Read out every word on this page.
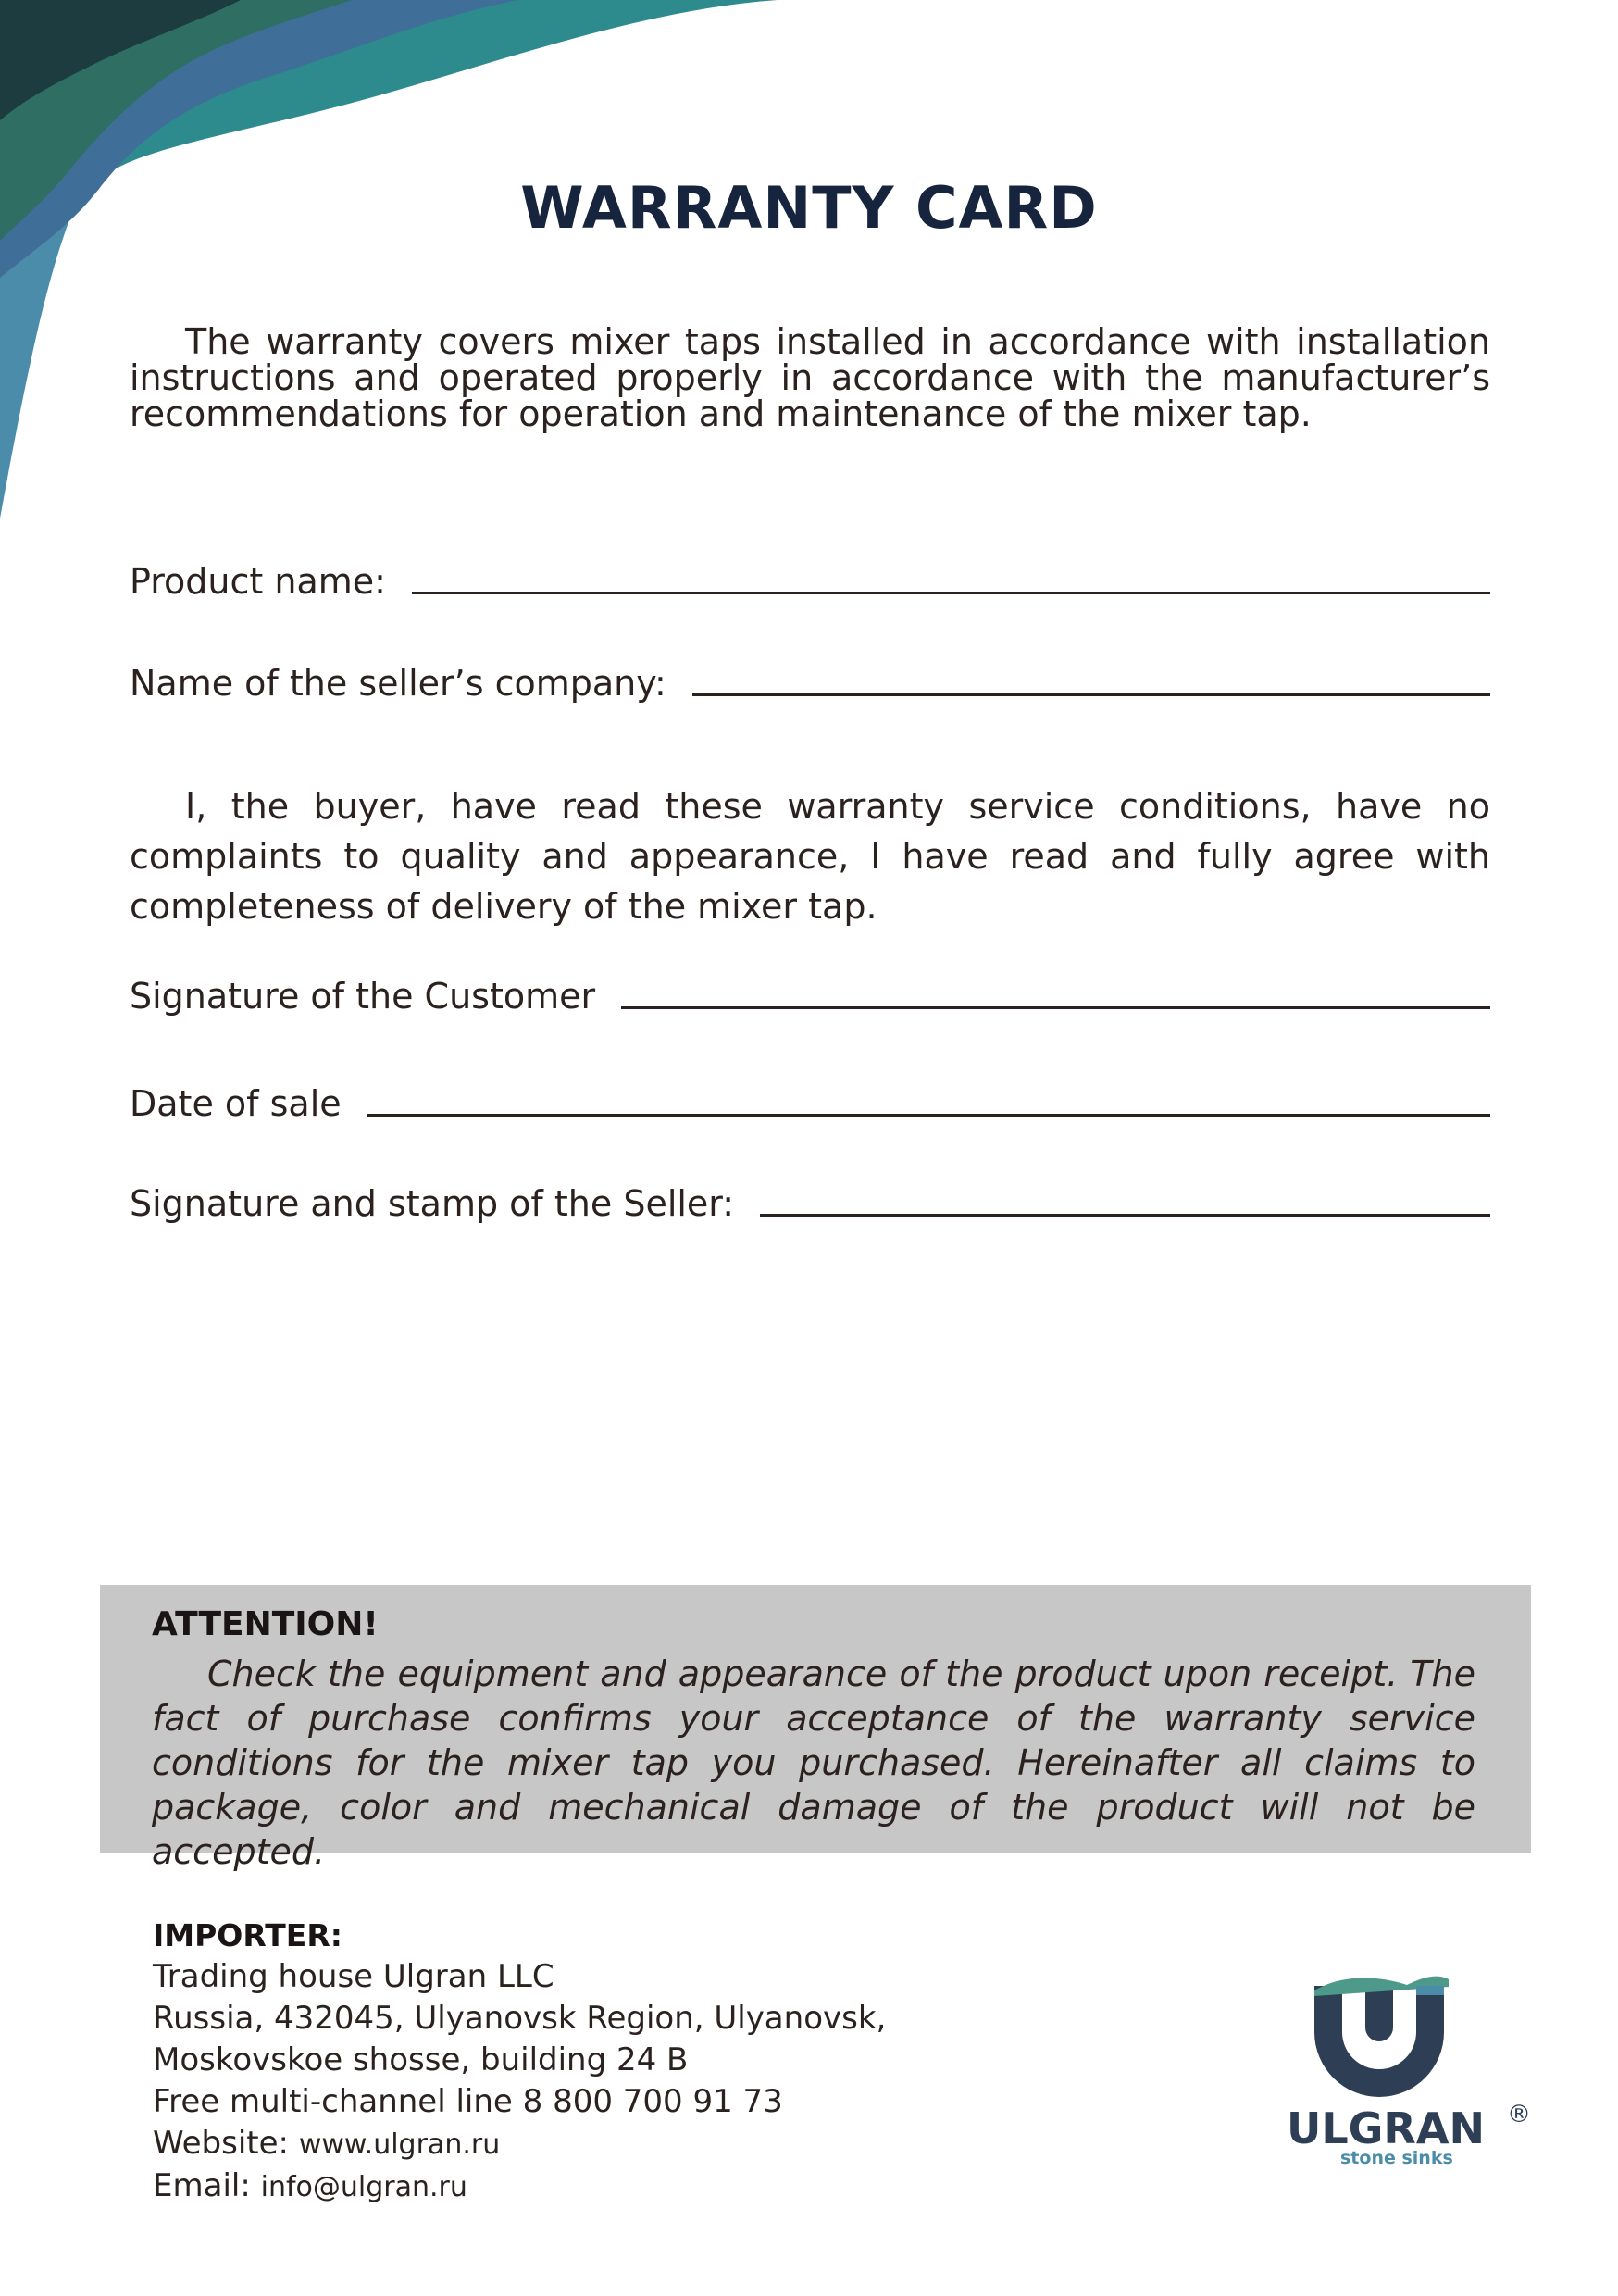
WARRANTY CARD

The warranty covers mixer taps installed in accordance with installation instructions and operated properly in accordance with the manufacturer’s recommendations for operation and maintenance of the mixer tap.

Product name:
Name of the seller’s company:

I, the buyer, have read these warranty service conditions, have no complaints to quality and appearance, I have read and fully agree with completeness of delivery of the mixer tap.

Signature of the Customer
Date of sale
Signature and stamp of the Seller:

ATTENTION!

Check the equipment and appearance of the product upon receipt. The fact of purchase confirms your acceptance of the warranty service conditions for the mixer tap you purchased. Hereinafter all claims to package, color and mechanical damage of the product will not be accepted.

IMPORTER:
Trading house Ulgran LLC
Russia, 432045, Ulyanovsk Region, Ulyanovsk,
Moskovskoe shosse, building 24 B
Free multi-channel line 8 800 700 91 73
Website: www.ulgran.ru
Email: info@ulgran.ru
ULGRAN ®
stone sinks
